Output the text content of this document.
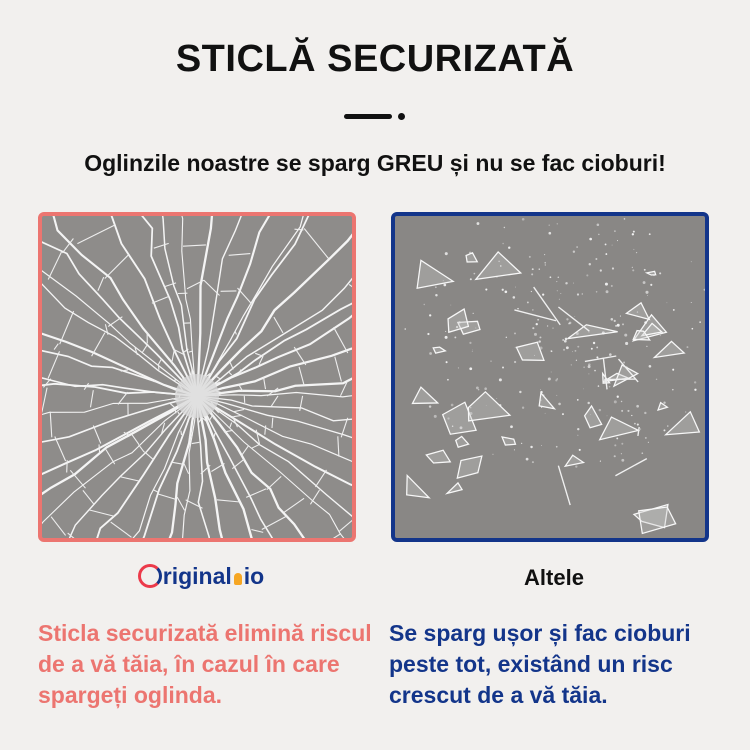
STICLĂ SECURIZATĂ
Oglinzile noastre se sparg GREU și nu se fac cioburi!
riginal io	Altele
Sticla securizată elimină riscul de a vă tăia, în cazul în care spargeți oglinda.
Se sparg ușor și fac cioburi peste tot, existând un risc crescut de a vă tăia.
